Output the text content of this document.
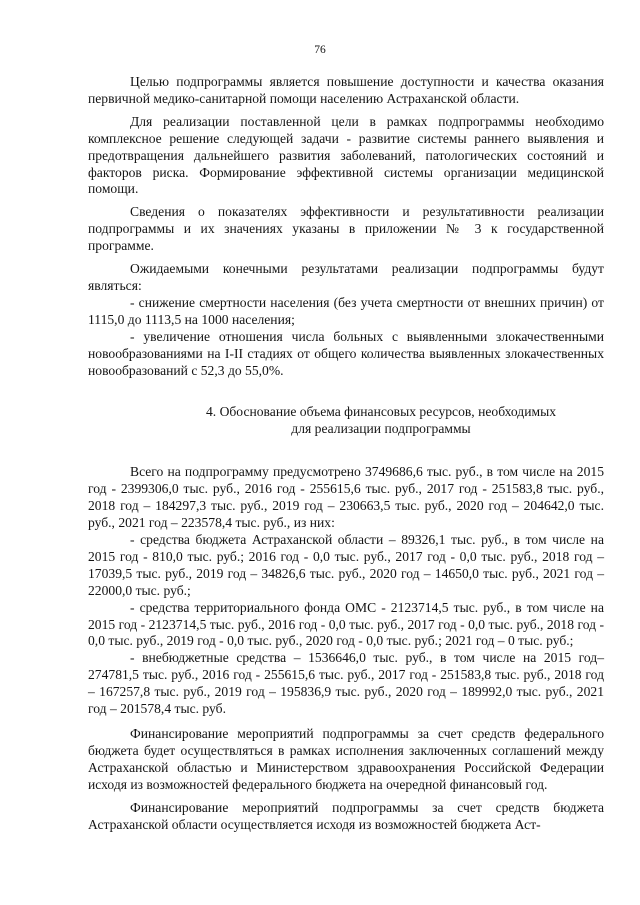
76

Целью подпрограммы является повышение доступности и качества оказания первичной медико-санитарной помощи населению Астраханской области.

Для реализации поставленной цели в рамках подпрограммы необходимо комплексное решение следующей задачи - развитие системы раннего выявления и предотвращения дальнейшего развития заболеваний, патологических состояний и факторов риска. Формирование эффективной системы организации медицинской помощи.

Сведения о показателях эффективности и результативности реализации подпрограммы и их значениях указаны в приложении № 3 к государственной программе.

Ожидаемыми конечными результатами реализации подпрограммы будут являться:

- снижение смертности населения (без учета смертности от внешних причин) от 1115,0 до 1113,5 на 1000 населения;

- увеличение отношения числа больных с выявленными злокачественными новообразованиями на I-II стадиях от общего количества выявленных злокачественных новообразований с 52,3 до 55,0%.

4. Обоснование объема финансовых ресурсов, необходимых
для реализации подпрограммы

Всего на подпрограмму предусмотрено 3749686,6 тыс. руб., в том числе на 2015 год - 2399306,0 тыс. руб., 2016 год - 255615,6 тыс. руб., 2017 год - 251583,8 тыс. руб., 2018 год – 184297,3 тыс. руб., 2019 год – 230663,5 тыс. руб., 2020 год – 204642,0 тыс. руб., 2021 год – 223578,4 тыс. руб., из них:

- средства бюджета Астраханской области – 89326,1 тыс. руб., в том числе на 2015 год - 810,0 тыс. руб.; 2016 год - 0,0 тыс. руб., 2017 год - 0,0 тыс. руб., 2018 год – 17039,5 тыс. руб., 2019 год – 34826,6 тыс. руб., 2020 год – 14650,0 тыс. руб., 2021 год – 22000,0 тыс. руб.;

- средства территориального фонда ОМС - 2123714,5 тыс. руб., в том числе на 2015 год - 2123714,5 тыс. руб., 2016 год - 0,0 тыс. руб., 2017 год - 0,0 тыс. руб., 2018 год - 0,0 тыс. руб., 2019 год - 0,0 тыс. руб., 2020 год - 0,0 тыс. руб.; 2021 год – 0 тыс. руб.;

- внебюджетные средства – 1536646,0 тыс. руб., в том числе на 2015 год– 274781,5 тыс. руб., 2016 год - 255615,6 тыс. руб., 2017 год - 251583,8 тыс. руб., 2018 год – 167257,8 тыс. руб., 2019 год – 195836,9 тыс. руб., 2020 год – 189992,0 тыс. руб., 2021 год – 201578,4 тыс. руб.

Финансирование мероприятий подпрограммы за счет средств федерального бюджета будет осуществляться в рамках исполнения заключенных соглашений между Астраханской областью и Министерством здравоохранения Российской Федерации исходя из возможностей федерального бюджета на очередной финансовый год.

Финансирование мероприятий подпрограммы за счет средств бюджета Астраханской области осуществляется исходя из возможностей бюджета Аст-
